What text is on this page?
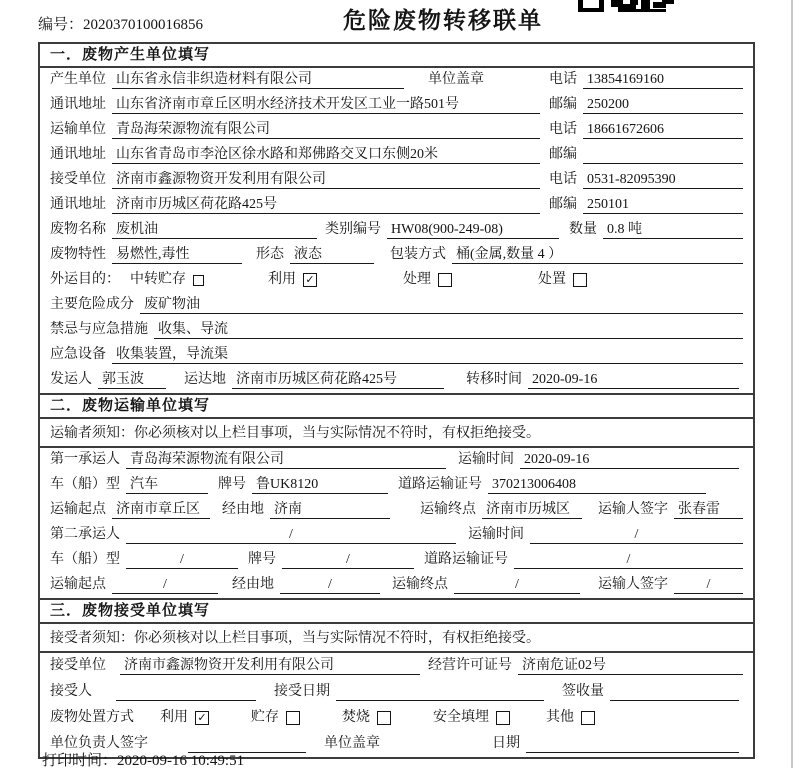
编号：2020370100016856	危险废物转移联单
一．废物产生单位填写
产生单位 山东省永信非织造材料有限公司	单位盖章	电话 13854169160
通讯地址 山东省济南市章丘区明水经济技术开发区工业一路501号	邮编 250200
运输单位 青岛海荣源物流有限公司	电话 18661672606
通讯地址 山东省青岛市李沧区徐水路和郑佛路交叉口东侧20米	邮编
接受单位 济南市鑫源物资开发利用有限公司	电话 0531-82095390
通讯地址 济南市历城区荷花路425号	邮编 250101
废物名称 废机油	类别编号 HW08(900-249-08)	数量 0.8 吨
废物特性 易燃性,毒性	形态 液态	包装方式 桶(金属,数量 4 ）
外运目的： 中转贮存	利用 ✓	处理	处置
主要危险成分 废矿物油
禁忌与应急措施 收集、导流
应急设备 收集装置，导流渠
发运人 郭玉波	运达地 济南市历城区荷花路425号	转移时间 2020-09-16
二．废物运输单位填写
运输者须知：你必须核对以上栏目事项，当与实际情况不符时，有权拒绝接受。
第一承运人 青岛海荣源物流有限公司	运输时间 2020-09-16
车（船）型 汽车	牌号 鲁UK8120	道路运输证号 370213006408
运输起点 济南市章丘区	经由地 济南	运输终点 济南市历城区	运输人签字 张春雷
第二承运人	/	运输时间	/
车（船）型	/	牌号	/	道路运输证号	/
运输起点	/	经由地	/	运输终点	/	运输人签字	/
三．废物接受单位填写
接受者须知：你必须核对以上栏目事项，当与实际情况不符时，有权拒绝接受。
接受单位 济南市鑫源物资开发利用有限公司	经营许可证号 济南危证02号
接受人	接受日期	签收量
废物处置方式 利用 ✓	贮存	焚烧	安全填埋	其他
单位负责人签字	单位盖章	日期
打印时间：2020-09-16 10:49:51
